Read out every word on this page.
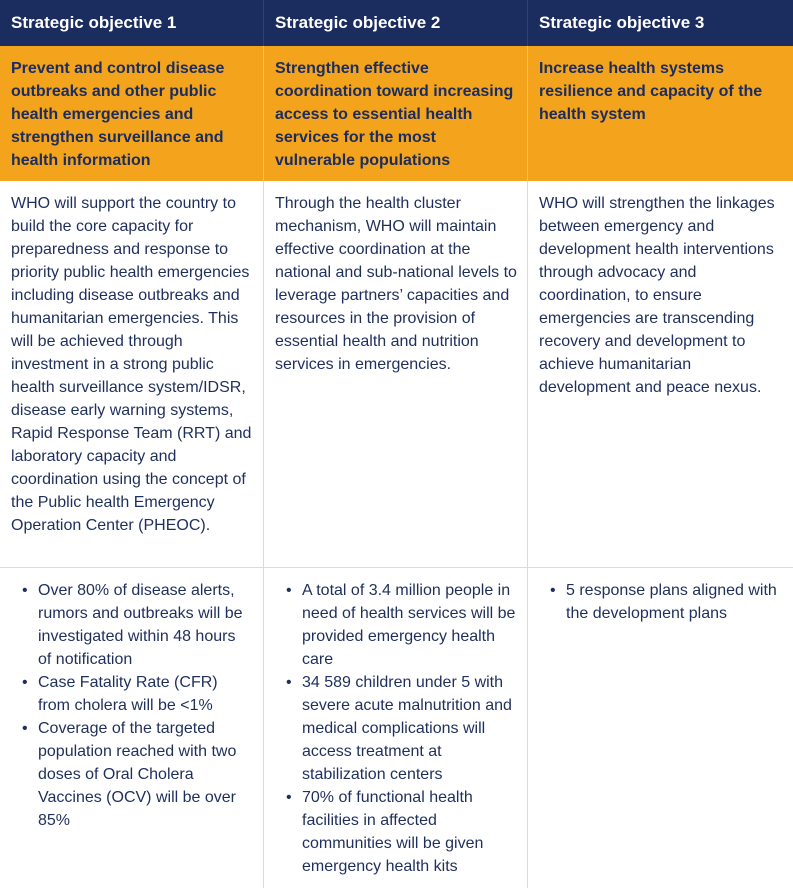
Strategic objective 1	Strategic objective 2	Strategic objective 3
Prevent and control disease outbreaks and other public health emergencies and strengthen surveillance and health information
Strengthen effective coordination toward increasing access to essential health services for the most vulnerable populations
Increase health systems resilience and capacity of the health system
WHO will support the country to build the core capacity for preparedness and response to priority public health emergencies including disease outbreaks and humanitarian emergencies. This will be achieved through investment in a strong public health surveillance system/IDSR, disease early warning systems, Rapid Response Team (RRT) and laboratory capacity and coordination using the concept of the Public health Emergency Operation Center (PHEOC).
Through the health cluster mechanism, WHO will maintain effective coordination at the national and sub-national levels to leverage partners’ capacities and resources in the provision of essential health and nutrition services in emergencies.
WHO will strengthen the linkages between emergency and development health interventions through advocacy and coordination, to ensure emergencies are transcending recovery and development to achieve humanitarian development and peace nexus.
• Over 80% of disease alerts, rumors and outbreaks will be investigated within 48 hours of notification
• Case Fatality Rate (CFR) from cholera will be <1%
• Coverage of the targeted population reached with two doses of Oral Cholera Vaccines (OCV) will be over 85%
• A total of 3.4 million people in need of health services will be provided emergency health care
• 34 589 children under 5 with severe acute malnutrition and medical complications will access treatment at stabilization centers
• 70% of functional health facilities in affected communities will be given emergency health kits
• 5 response plans aligned with the development plans
